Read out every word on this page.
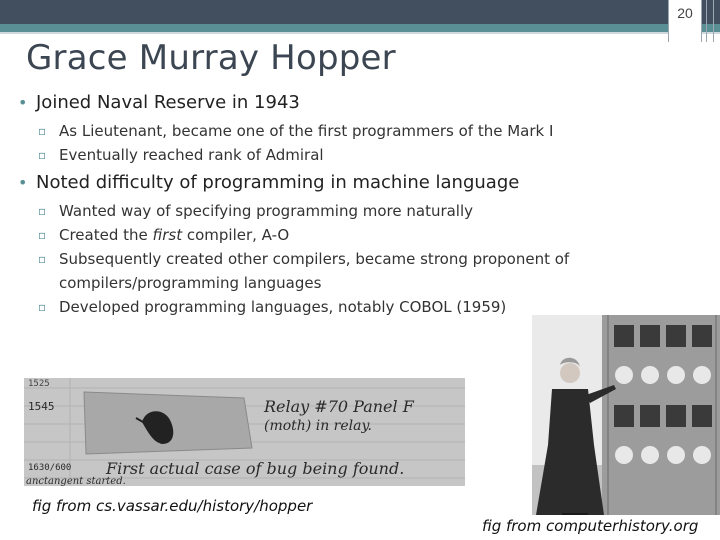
20
Grace Murray Hopper
• Joined Naval Reserve in 1943
▫ As Lieutenant, became one of the first programmers of the Mark I
▫ Eventually reached rank of Admiral
• Noted difficulty of programming in machine language
▫ Wanted way of specifying programming more naturally
▫ Created the first compiler, A-O
▫ Subsequently created other compilers, became strong proponent of compilers/programming languages
▫ Developed programming languages, notably COBOL (1959)
1545
1525
Relay #70 Panel F
(moth) in relay.
First actual case of bug being found.
1630/600
anctangent started.
fig from cs.vassar.edu/history/hopper
fig from computerhistory.org
